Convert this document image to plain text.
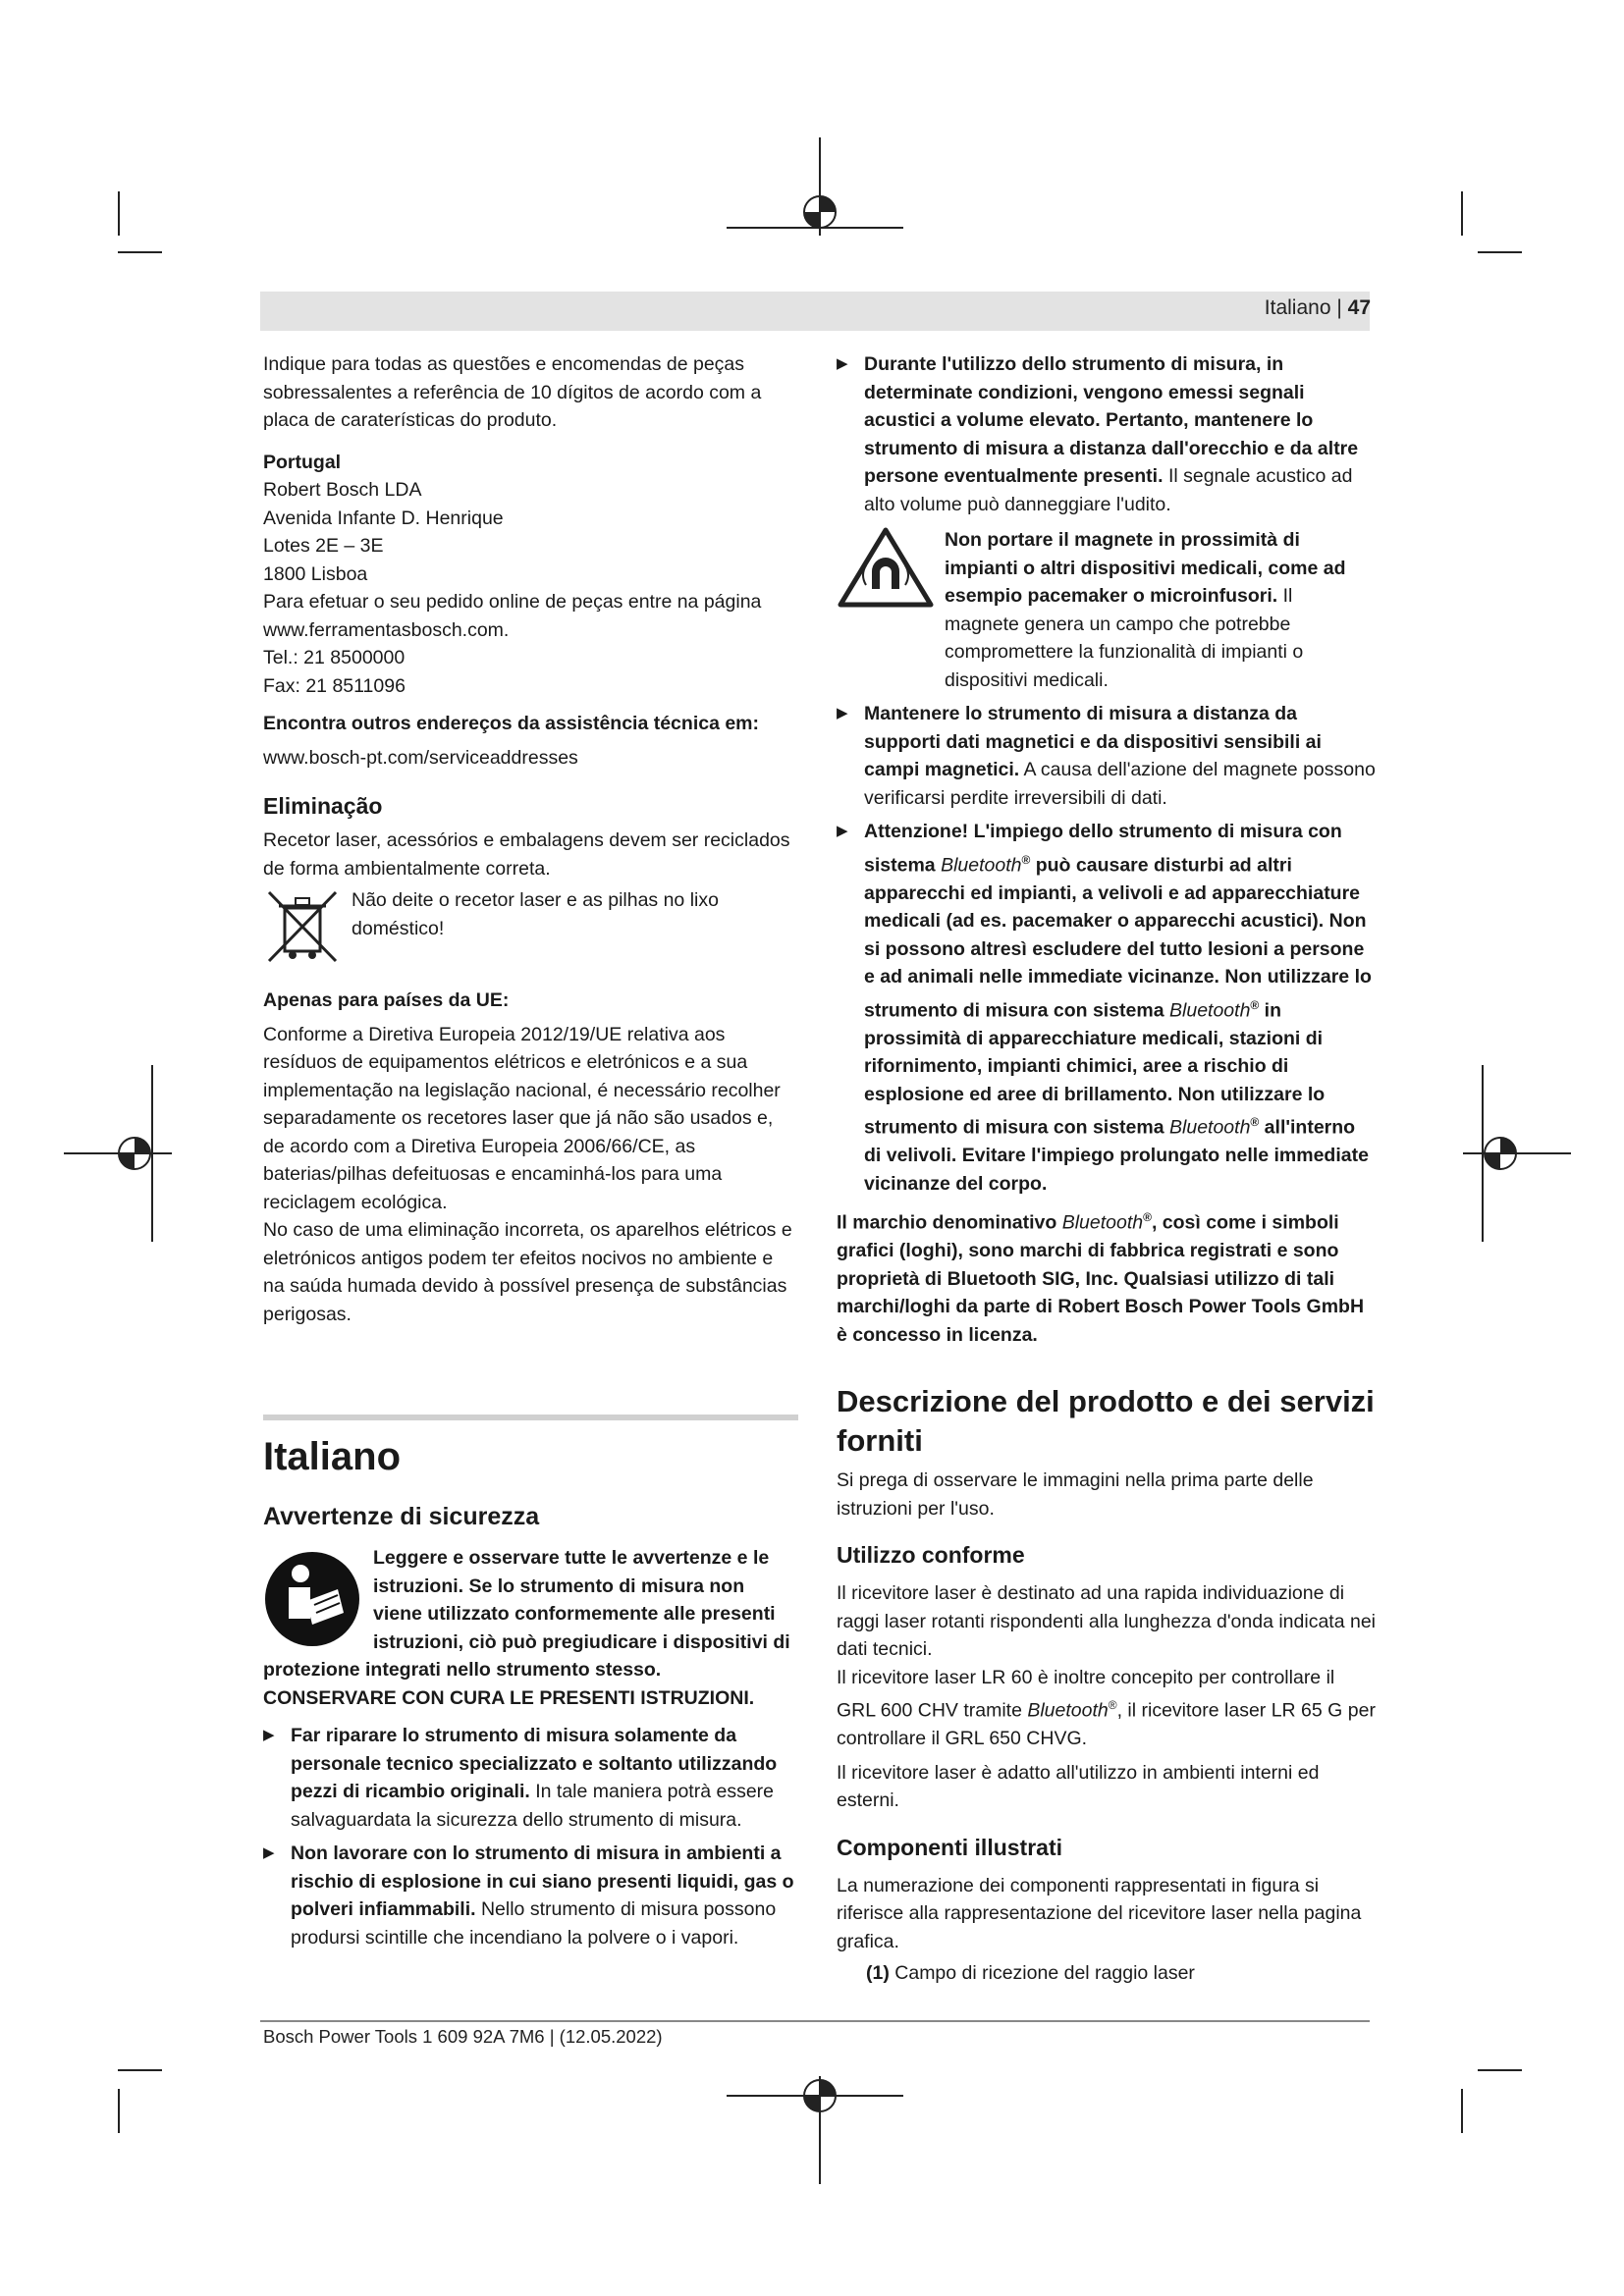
Italiano | 47

Indique para todas as questões e encomendas de peças sobressalentes a referência de 10 dígitos de acordo com a placa de caraterísticas do produto.

Portugal

Robert Bosch LDA

Avenida Infante D. Henrique

Lotes 2E – 3E

1800 Lisboa

Para efetuar o seu pedido online de peças entre na página www.ferramentasbosch.com.

Tel.: 21 8500000

Fax: 21 8511096

Encontra outros endereços da assistência técnica em:

www.bosch-pt.com/serviceaddresses

Eliminação

Recetor laser, acessórios e embalagens devem ser reciclados de forma ambientalmente correta.

Não deite o recetor laser e as pilhas no lixo doméstico!

Apenas para países da UE:

Conforme a Diretiva Europeia 2012/19/UE relativa aos resíduos de equipamentos elétricos e eletrónicos e a sua implementação na legislação nacional, é necessário recolher separadamente os recetores laser que já não são usados e, de acordo com a Diretiva Europeia 2006/66/CE, as baterias/pilhas defeituosas e encaminhá-los para uma reciclagem ecológica.

No caso de uma eliminação incorreta, os aparelhos elétricos e eletrónicos antigos podem ter efeitos nocivos no ambiente e na saúda humada devido à possível presença de substâncias perigosas.

Italiano

Avvertenze di sicurezza

Leggere e osservare tutte le avvertenze e le istruzioni. Se lo strumento di misura non viene utilizzato conformemente alle presenti istruzioni, ciò può pregiudicare i dispositivi di protezione integrati nello strumento stesso. CONSERVARE CON CURA LE PRESENTI ISTRUZIONI.

▶ Far riparare lo strumento di misura solamente da personale tecnico specializzato e soltanto utilizzando pezzi di ricambio originali. In tale maniera potrà essere salvaguardata la sicurezza dello strumento di misura.

▶ Non lavorare con lo strumento di misura in ambienti a rischio di esplosione in cui siano presenti liquidi, gas o polveri infiammabili. Nello strumento di misura possono prodursi scintille che incendiano la polvere o i vapori.

▶ Durante l'utilizzo dello strumento di misura, in determinate condizioni, vengono emessi segnali acustici a volume elevato. Pertanto, mantenere lo strumento di misura a distanza dall'orecchio e da altre persone eventualmente presenti. Il segnale acustico ad alto volume può danneggiare l'udito.

Non portare il magnete in prossimità di impianti o altri dispositivi medicali, come ad esempio pacemaker o microinfusori. Il magnete genera un campo che potrebbe compromettere la funzionalità di impianti o dispositivi medicali.

▶ Mantenere lo strumento di misura a distanza da supporti dati magnetici e da dispositivi sensibili ai campi magnetici. A causa dell'azione del magnete possono verificarsi perdite irreversibili di dati.

▶ Attenzione! L'impiego dello strumento di misura con sistema Bluetooth® può causare disturbi ad altri apparecchi ed impianti, a velivoli e ad apparecchiature medicali (ad es. pacemaker o apparecchi acustici). Non si possono altresì escludere del tutto lesioni a persone e ad animali nelle immediate vicinanze. Non utilizzare lo strumento di misura con sistema Bluetooth® in prossimità di apparecchiature medicali, stazioni di rifornimento, impianti chimici, aree a rischio di esplosione ed aree di brillamento. Non utilizzare lo strumento di misura con sistema Bluetooth® all'interno di velivoli. Evitare l'impiego prolungato nelle immediate vicinanze del corpo.

Il marchio denominativo Bluetooth®, così come i simboli grafici (loghi), sono marchi di fabbrica registrati e sono proprietà di Bluetooth SIG, Inc. Qualsiasi utilizzo di tali marchi/loghi da parte di Robert Bosch Power Tools GmbH è concesso in licenza.

Descrizione del prodotto e dei servizi forniti

Si prega di osservare le immagini nella prima parte delle istruzioni per l'uso.

Utilizzo conforme

Il ricevitore laser è destinato ad una rapida individuazione di raggi laser rotanti rispondenti alla lunghezza d'onda indicata nei dati tecnici.

Il ricevitore laser LR 60 è inoltre concepito per controllare il GRL 600 CHV tramite Bluetooth®, il ricevitore laser LR 65 G per controllare il GRL 650 CHVG.

Il ricevitore laser è adatto all'utilizzo in ambienti interni ed esterni.

Componenti illustrati

La numerazione dei componenti rappresentati in figura si riferisce alla rappresentazione del ricevitore laser nella pagina grafica.

(1) Campo di ricezione del raggio laser

Bosch Power Tools 1 609 92A 7M6 | (12.05.2022)
